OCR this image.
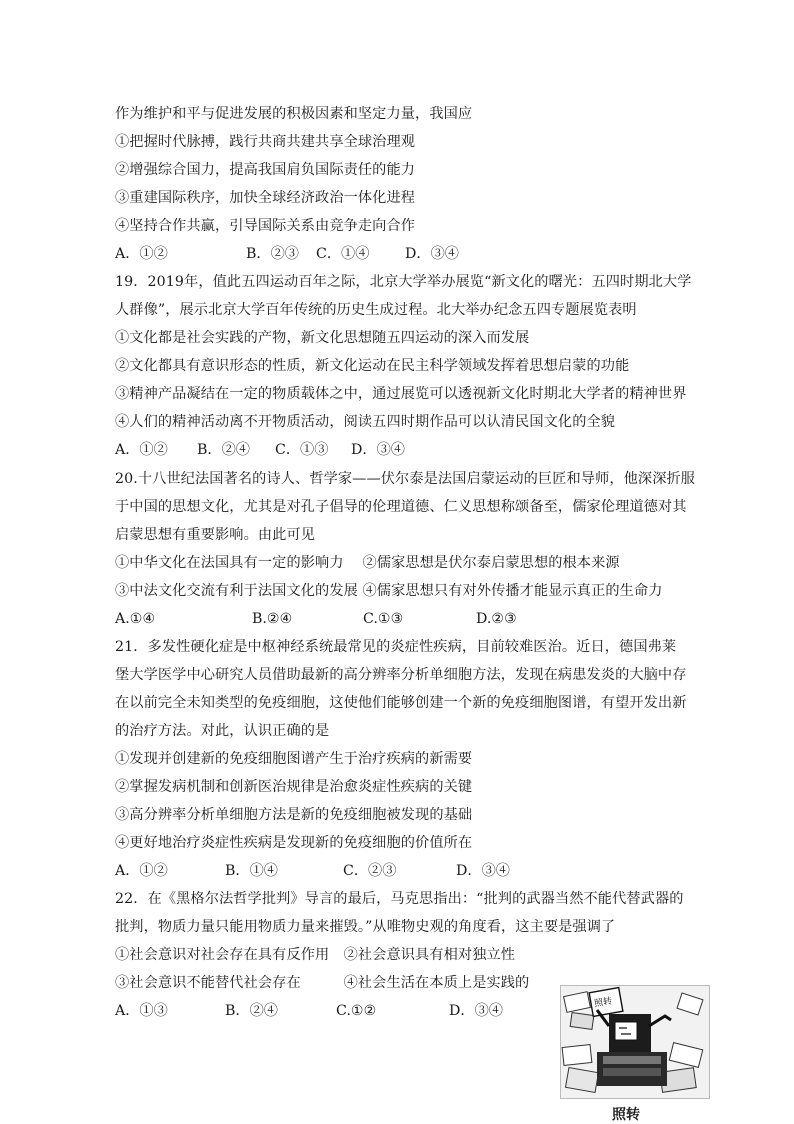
作为维护和平与促进发展的积极因素和坚定力量，我国应
①把握时代脉搏，践行共商共建共享全球治理观
②增强综合国力，提高我国肩负国际责任的能力
③重建国际秩序，加快全球经济政治一体化进程
④坚持合作共赢，引导国际关系由竞争走向合作
A．①②	B．②③ C．①④	D．③④
19．2019年，值此五四运动百年之际，北京大学举办展览“新文化的曙光：五四时期北大学
人群像”，展示北京大学百年传统的历史生成过程。北大举办纪念五四专题展览表明
①文化都是社会实践的产物，新文化思想随五四运动的深入而发展
②文化都具有意识形态的性质，新文化运动在民主科学领域发挥着思想启蒙的功能
③精神产品凝结在一定的物质载体之中，通过展览可以透视新文化时期北大学者的精神世界
④人们的精神活动离不开物质活动，阅读五四时期作品可以认清民国文化的全貌
A．①② B．②④ C．①③ D．③④
20.十八世纪法国著名的诗人、哲学家——伏尔泰是法国启蒙运动的巨匠和导师，他深深折服
于中国的思想文化，尤其是对孔子倡导的伦理道德、仁义思想称颂备至，儒家伦理道德对其
启蒙思想有重要影响。由此可见
①中华文化在法国具有一定的影响力　 ②儒家思想是伏尔泰启蒙思想的根本来源
③中法文化交流有利于法国文化的发展 ④儒家思想只有对外传播才能显示真正的生命力
A.①④	B.②④	C.①③	D.②③
21．多发性硬化症是中枢神经系统最常见的炎症性疾病，目前较难医治。近日，德国弗莱
堡大学医学中心研究人员借助最新的高分辨率分析单细胞方法，发现在病患发炎的大脑中存
在以前完全未知类型的免疫细胞，这使他们能够创建一个新的免疫细胞图谱，有望开发出新
的治疗方法。对此，认识正确的是
①发现并创建新的免疫细胞图谱产生于治疗疾病的新需要
②掌握发病机制和创新医治规律是治愈炎症性疾病的关键
③高分辨率分析单细胞方法是新的免疫细胞被发现的基础
④更好地治疗炎症性疾病是发现新的免疫细胞的价值所在
A．①②	B．①④	C．②③	D．③④
22．在《黑格尔法哲学批判》导言的最后，马克思指出：“批判的武器当然不能代替武器的
批判，物质力量只能用物质力量来摧毁。”从唯物史观的角度看，这主要是强调了
①社会意识对社会存在具有反作用　②社会意识具有相对独立性
③社会意识不能替代社会存在　　　④社会生活在本质上是实践的
A．①③	B．②④	C.①②	D．③④
照转
照转
